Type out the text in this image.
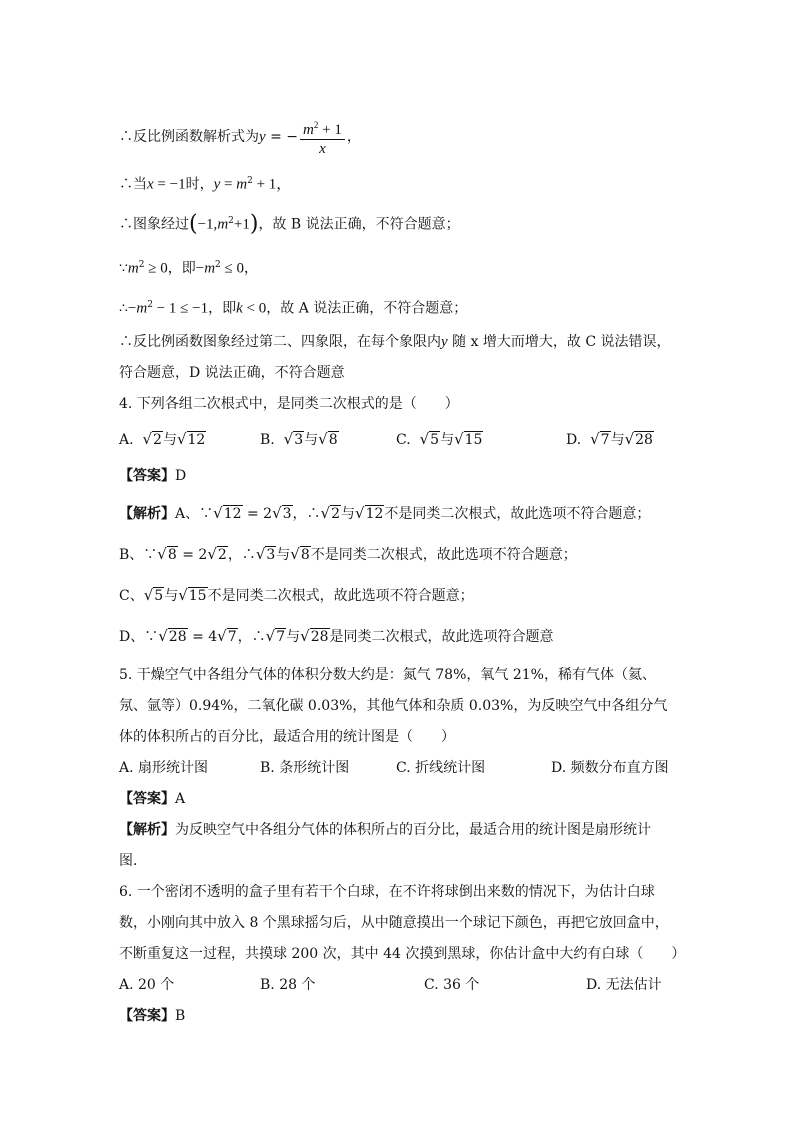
∴反比例函数解析式为y = − $\frac{m^2 + 1}{x}$ ，
∴当x = −1时，$y = m^2 + 1$，
∴图象经过$(-1,m^2+1)$，故 B 说法正确，不符合题意；
$\because m^2 \ge 0$，即$-m^2 \le 0$，
$\therefore-m^2 - 1 \le -1$，即k < 0，故 A 说法正确，不符合题意；
∴反比例函数图象经过第二、四象限，在每个象限内y 随 x 增大而增大，故 C 说法错误，
符合题意，D 说法正确，不符合题意
4. 下列各组二次根式中，是同类二次根式的是（　　）
A. √2与√12	B. √3与√8	C. √5与√15	D. √7与√28
【答案】D
【解析】A、∵√12 = 2√3，∴√2与√12不是同类二次根式，故此选项不符合题意；
B、∵√8 = 2√2，∴√3与√8不是同类二次根式，故此选项不符合题意；
C、√5与√15不是同类二次根式，故此选项不符合题意；
D、∵√28 = 4√7，∴√7与√28是同类二次根式，故此选项符合题意
5. 干燥空气中各组分气体的体积分数大约是：氮气 78%，氧气 21%，稀有气体（氦、
氖、氩等）0.94%，二氧化碳 0.03%，其他气体和杂质 0.03%，为反映空气中各组分气
体的体积所占的百分比，最适合用的统计图是（　　）
A. 扇形统计图	B. 条形统计图	C. 折线统计图	D. 频数分布直方图
【答案】A
【解析】为反映空气中各组分气体的体积所占的百分比，最适合用的统计图是扇形统计
图．
6. 一个密闭不透明的盒子里有若干个白球，在不许将球倒出来数的情况下，为估计白球
数，小刚向其中放入 8 个黑球摇匀后，从中随意摸出一个球记下颜色，再把它放回盒中，
不断重复这一过程，共摸球 200 次，其中 44 次摸到黑球，你估计盒中大约有白球（　　）
A. 20 个	B. 28 个	C. 36 个	D. 无法估计
【答案】B
